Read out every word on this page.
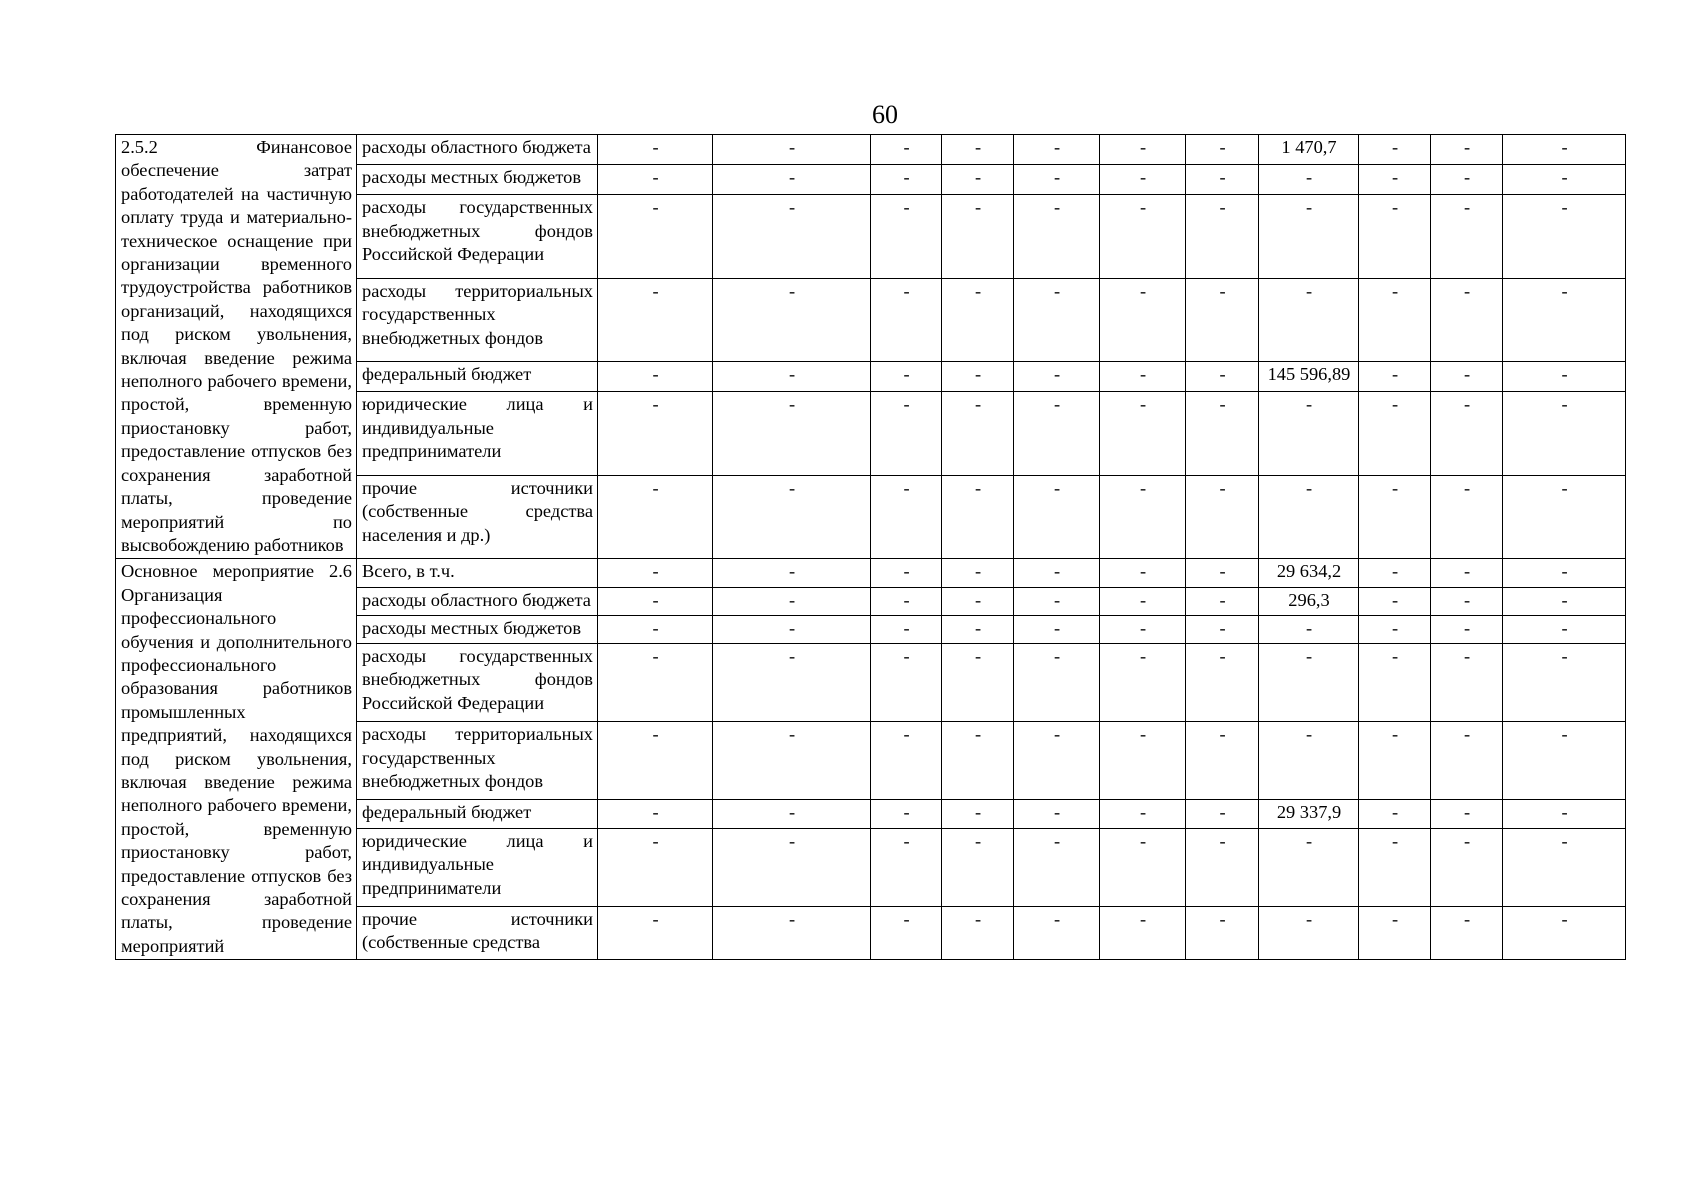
60
2.5.2 Финансовое обеспечение затрат работодателей на частичную оплату труда и материально-техническое оснащение при организации временного трудоустройства работников организаций, находящихся под риском увольнения, включая введение режима неполного рабочего времени, простой, временную приостановку работ, предоставление отпусков без сохранения заработной платы, проведение мероприятий по высвобождению работников	расходы областного бюджета	-	-	-	-	-	-	-	1 470,7	-	-	-
	расходы местных бюджетов	-	-	-	-	-	-	-	-	-	-	-
	расходы государственных внебюджетных фондов Российской Федерации	-	-	-	-	-	-	-	-	-	-	-
	расходы территориальных государственных внебюджетных фондов	-	-	-	-	-	-	-	-	-	-	-
	федеральный бюджет	-	-	-	-	-	-	-	145 596,89	-	-	-
	юридические лица и индивидуальные предприниматели	-	-	-	-	-	-	-	-	-	-	-
	прочие источники (собственные средства населения и др.)	-	-	-	-	-	-	-	-	-	-	-
Основное мероприятие 2.6 Организация профессионального обучения и дополнительного профессионального образования работников промышленных предприятий, находящихся под риском увольнения, включая введение режима неполного рабочего времени, простой, временную приостановку работ, предоставление отпусков без сохранения заработной платы, проведение мероприятий	Всего, в т.ч.	-	-	-	-	-	-	-	29 634,2	-	-	-
	расходы областного бюджета	-	-	-	-	-	-	-	296,3	-	-	-
	расходы местных бюджетов	-	-	-	-	-	-	-	-	-	-	-
	расходы государственных внебюджетных фондов Российской Федерации	-	-	-	-	-	-	-	-	-	-	-
	расходы территориальных государственных внебюджетных фондов	-	-	-	-	-	-	-	-	-	-	-
	федеральный бюджет	-	-	-	-	-	-	-	29 337,9	-	-	-
	юридические лица и индивидуальные предприниматели	-	-	-	-	-	-	-	-	-	-	-
	прочие источники (собственные средства	-	-	-	-	-	-	-	-	-	-	-
